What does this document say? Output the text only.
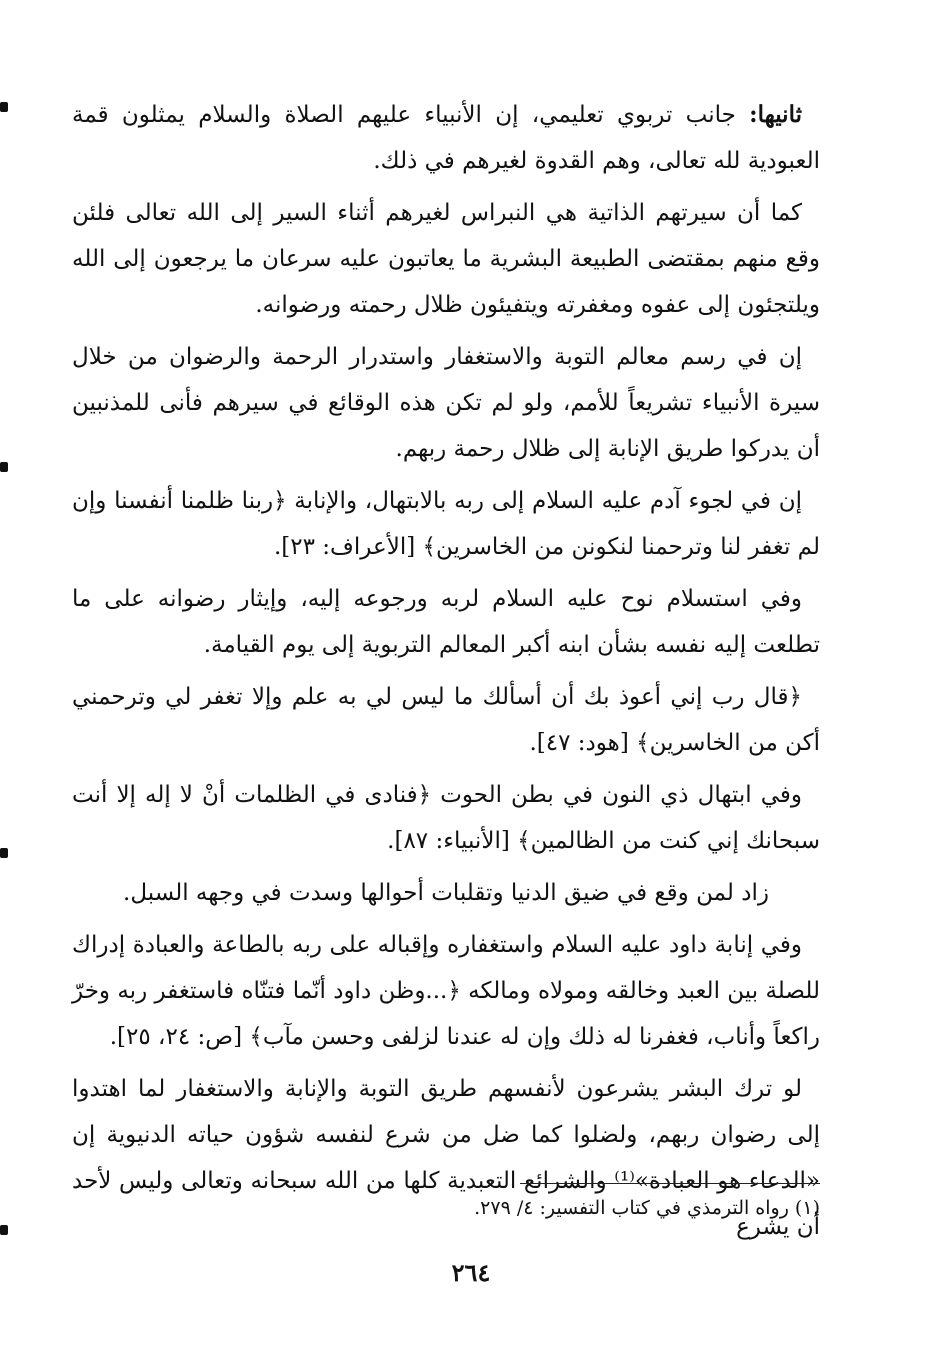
ثانيها: جانب تربوي تعليمي، إن الأنبياء عليهم الصلاة والسلام يمثلون قمة العبودية لله تعالى، وهم القدوة لغيرهم في ذلك.

كما أن سيرتهم الذاتية هي النبراس لغيرهم أثناء السير إلى الله تعالى فلئن وقع منهم بمقتضى الطبيعة البشرية ما يعاتبون عليه سرعان ما يرجعون إلى الله ويلتجئون إلى عفوه ومغفرته ويتفيئون ظلال رحمته ورضوانه.

إن في رسم معالم التوبة والاستغفار واستدرار الرحمة والرضوان من خلال سيرة الأنبياء تشريعاً للأمم، ولو لم تكن هذه الوقائع في سيرهم فأنى للمذنبين أن يدركوا طريق الإنابة إلى ظلال رحمة ربهم.

إن في لجوء آدم عليه السلام إلى ربه بالابتهال، والإنابة ﴿ربنا ظلمنا أنفسنا وإن لم تغفر لنا وترحمنا لنكونن من الخاسرين﴾ [الأعراف: ٢٣].

وفي استسلام نوح عليه السلام لربه ورجوعه إليه، وإيثار رضوانه على ما تطلعت إليه نفسه بشأن ابنه أكبر المعالم التربوية إلى يوم القيامة.

﴿قال رب إني أعوذ بك أن أسألك ما ليس لي به علم وإلا تغفر لي وترحمني أكن من الخاسرين﴾ [هود: ٤٧].

وفي ابتهال ذي النون في بطن الحوت ﴿فنادى في الظلمات أنْ لا إله إلا أنت سبحانك إني كنت من الظالمين﴾ [الأنبياء: ٨٧].

زاد لمن وقع في ضيق الدنيا وتقلبات أحوالها وسدت في وجهه السبل.

وفي إنابة داود عليه السلام واستغفاره وإقباله على ربه بالطاعة والعبادة إدراك للصلة بين العبد وخالقه ومولاه ومالكه ﴿...وظن داود أنّما فتنّاه فاستغفر ربه وخرّ راكعاً وأناب، فغفرنا له ذلك وإن له عندنا لزلفى وحسن مآب﴾ [ص: ٢٤، ٢٥].

لو ترك البشر يشرعون لأنفسهم طريق التوبة والإنابة والاستغفار لما اهتدوا إلى رضوان ربهم، ولضلوا كما ضل من شرع لنفسه شؤون حياته الدنيوية إن «الدعاء هو العبادة»⁽¹⁾ والشرائع التعبدية كلها من الله سبحانه وتعالى وليس لأحد أن يشرع

(١) رواه الترمذي في كتاب التفسير: ٤/ ٢٧٩.
٢٦٤
